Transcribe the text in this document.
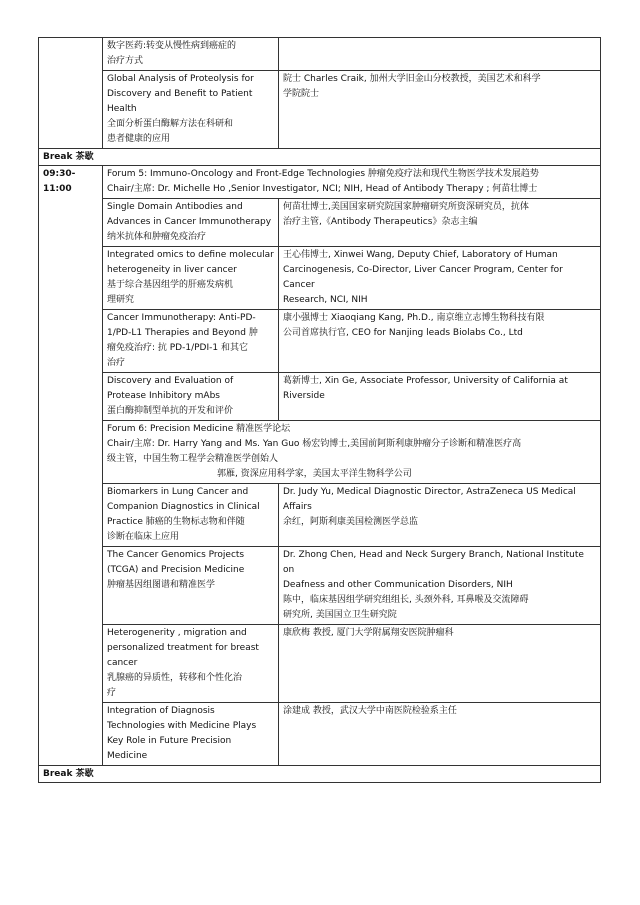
	数字医药:转变从慢性病到癌症的
治疗方式	

	Global Analysis of Proteolysis for
Discovery and Benefit to Patient
Health
全面分析蛋白酶解方法在科研和
患者健康的应用	院士 Charles Craik, 加州大学旧金山分校教授，美国艺术和科学
学院院士

Break 茶歇		

09:30-
11:00	Forum 5: Immuno-Oncology and Front-Edge Technologies 肿瘤免疫疗法和现代生物医学技术发展趋势
Chair/主席: Dr. Michelle Ho ,Senior Investigator, NCI; NIH, Head of Antibody Therapy ; 何苗壮博士	

	Single Domain Antibodies and
Advances in Cancer Immunotherapy
纳米抗体和肿瘤免疫治疗	何苗壮博士,美国国家研究院国家肿瘤研究所资深研究员，抗体
治疗主管,《Antibody Therapeutics》杂志主编

	Integrated omics to define molecular
heterogeneity in liver cancer
基于综合基因组学的肝癌发病机
理研究	王心伟博士, Xinwei Wang, Deputy Chief, Laboratory of Human
Carcinogenesis, Co-Director, Liver Cancer Program, Center for Cancer
Research, NCI, NIH

	Cancer Immunotherapy: Anti-PD-
1/PD-L1 Therapies and Beyond 肿
瘤免疫治疗: 抗 PD-1/PDI-1 和其它
治疗	康小强博士 Xiaoqiang Kang, Ph.D., 南京维立志博生物科技有限
公司首席执行官, CEO for Nanjing leads Biolabs Co., Ltd

	Discovery and Evaluation of
Protease Inhibitory mAbs
蛋白酶抑制型单抗的开发和评价	葛新博士, Xin Ge, Associate Professor, University of California at
Riverside

	Forum 6: Precision Medicine 精准医学论坛
Chair/主席: Dr. Harry Yang and Ms. Yan Guo 杨宏钧博士,美国前阿斯利康肿瘤分子诊断和精准医疗高
级主管，中国生物工程学会精准医学创始人
郭雁, 资深应用科学家，美国太平洋生物科学公司	

	Biomarkers in Lung Cancer and
Companion Diagnostics in Clinical
Practice 肺癌的生物标志物和伴随
诊断在临床上应用	Dr. Judy Yu, Medical Diagnostic Director, AstraZeneca US Medical
Affairs
余红，阿斯利康美国检测医学总监

	The Cancer Genomics Projects
(TCGA) and Precision Medicine
肿瘤基因组图谱和精准医学	Dr. Zhong Chen, Head and Neck Surgery Branch, National Institute on
Deafness and other Communication Disorders, NIH
陈中，临床基因组学研究组组长, 头颈外科, 耳鼻喉及交流障碍
研究所, 美国国立卫生研究院

	Heterogenerity , migration and
personalized treatment for breast
cancer
乳腺癌的异质性，转移和个性化治
疗	康欣梅 教授, 厦门大学附属翔安医院肿瘤科

	Integration of Diagnosis
Technologies with Medicine Plays
Key Role in Future Precision
Medicine	涂建成 教授，武汉大学中南医院检验系主任

Break 茶歇		
